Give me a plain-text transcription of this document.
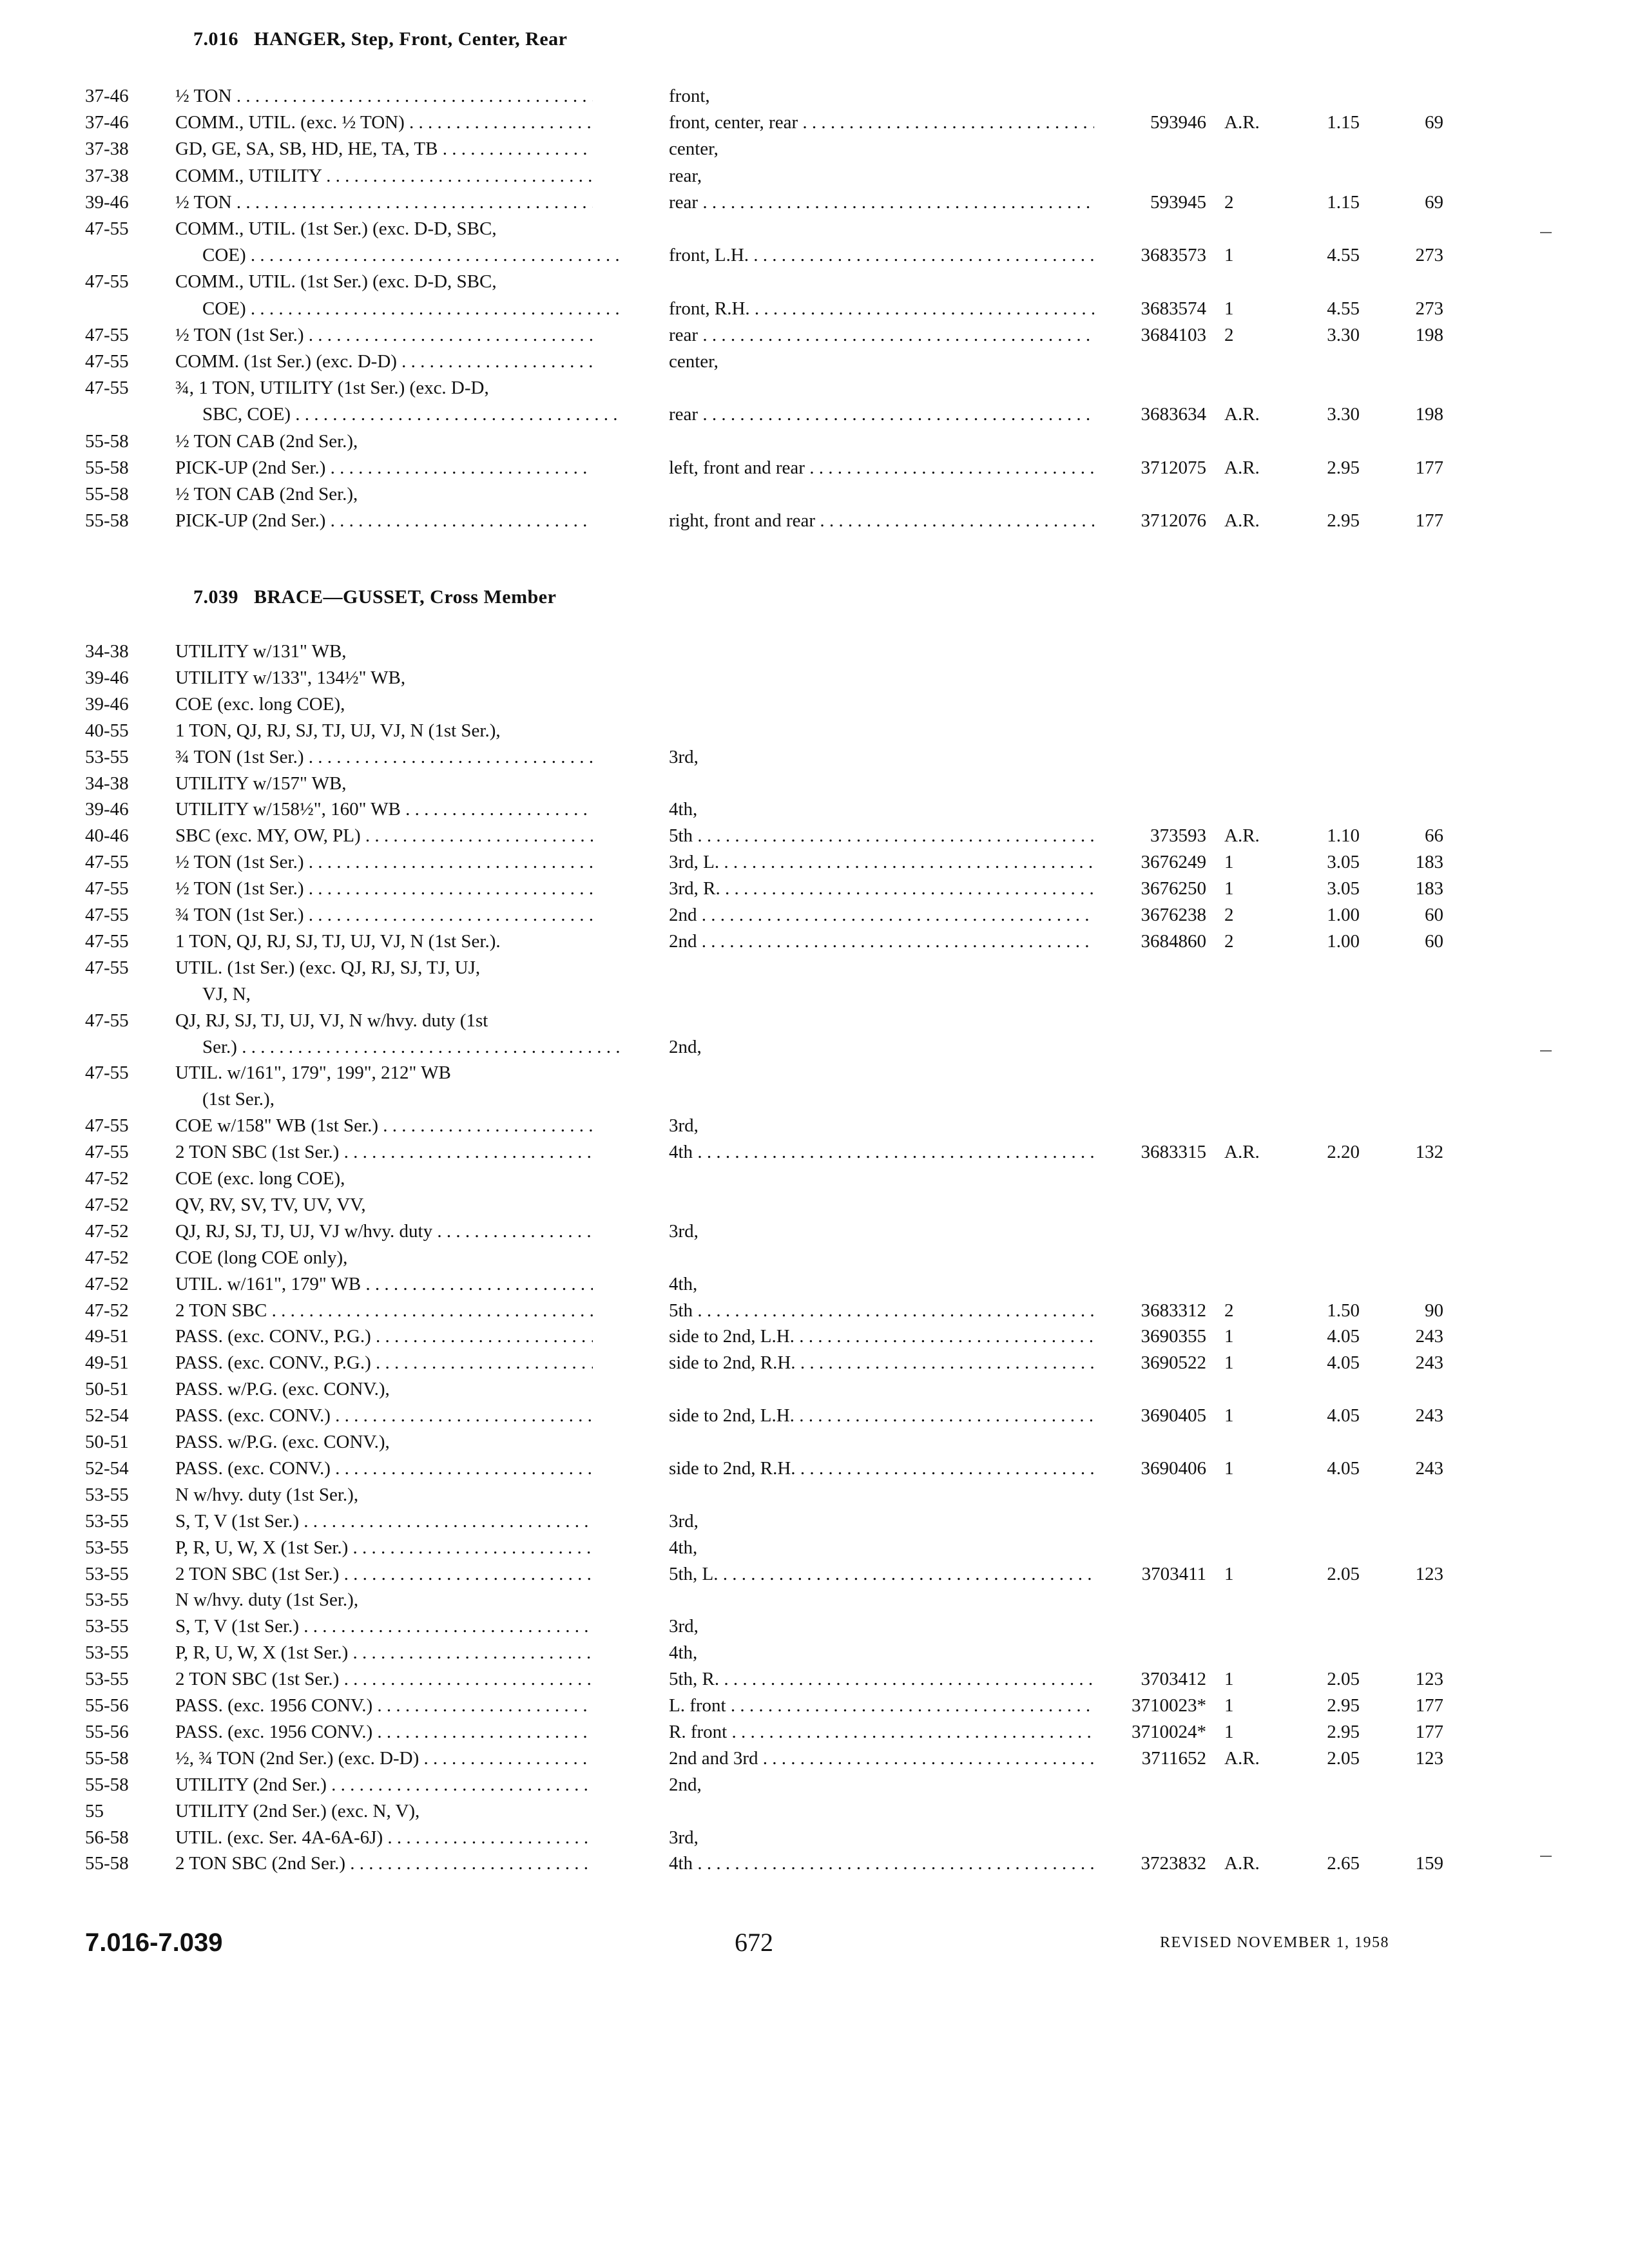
7.016 HANGER, Step, Front, Center, Rear
37-46	½ TON . . .	front,
37-46	COMM., UTIL. (exc. ½ TON) . . .	front, center, rear . . .	593946 A.R.	1.15	69
37-38	GD, GE, SA, SB, HD, HE, TA, TB . . .	center,
37-38	COMM., UTILITY . . .	rear,
39-46	½ TON . . .	rear . . .	593945 2	1.15	69
47-55	COMM., UTIL. (1st Ser.) (exc. D-D, SBC,
COE) . . .	front, L.H. . . .	3683573 1	4.55	273
47-55	COMM., UTIL. (1st Ser.) (exc. D-D, SBC,
COE) . . .	front, R.H. . . .	3683574 1	4.55	273
47-55	½ TON (1st Ser.) . . .	rear . . .	3684103 2	3.30	198
47-55	COMM. (1st Ser.) (exc. D-D) . . .	center,
47-55	¾, 1 TON, UTILITY (1st Ser.) (exc. D-D,
SBC, COE) . . .	rear . . .	3683634 A.R.	3.30	198
55-58	½ TON CAB (2nd Ser.),
55-58	PICK-UP (2nd Ser.) . . .	left, front and rear . . .	3712075 A.R.	2.95	177
55-58	½ TON CAB (2nd Ser.),
55-58	PICK-UP (2nd Ser.) . . .	right, front and rear . . .	3712076 A.R.	2.95	177
7.039 BRACE—GUSSET, Cross Member
34-38	UTILITY w/131" WB,
39-46	UTILITY w/133", 134½" WB,
39-46	COE (exc. long COE),
40-55	1 TON, QJ, RJ, SJ, TJ, UJ, VJ, N (1st Ser.),
53-55	¾ TON (1st Ser.) . . .	3rd,
34-38	UTILITY w/157" WB,
39-46	UTILITY w/158½", 160" WB . . .	4th,
40-46	SBC (exc. MY, OW, PL) . . .	5th . . .	373593 A.R.	1.10	66
47-55	½ TON (1st Ser.) . . .	3rd, L. . . .	3676249 1	3.05	183
47-55	½ TON (1st Ser.) . . .	3rd, R. . . .	3676250 1	3.05	183
47-55	¾ TON (1st Ser.) . . .	2nd . . .	3676238 2	1.00	60
47-55	1 TON, QJ, RJ, SJ, TJ, UJ, VJ, N (1st Ser.).	2nd . . .	3684860 2	1.00	60
47-55	UTIL. (1st Ser.) (exc. QJ, RJ, SJ, TJ, UJ,
VJ, N,
47-55	QJ, RJ, SJ, TJ, UJ, VJ, N w/hvy. duty (1st
Ser.) . . .	2nd,
47-55	UTIL. w/161", 179", 199", 212" WB
(1st Ser.),
47-55	COE w/158" WB (1st Ser.) . . .	3rd,
47-55	2 TON SBC (1st Ser.) . . .	4th . . .	3683315 A.R.	2.20	132
47-52	COE (exc. long COE),
47-52	QV, RV, SV, TV, UV, VV,
47-52	QJ, RJ, SJ, TJ, UJ, VJ w/hvy. duty . . .	3rd,
47-52	COE (long COE only),
47-52	UTIL. w/161", 179" WB . . .	4th,
47-52	2 TON SBC . . .	5th . . .	3683312 2	1.50	90
49-51	PASS. (exc. CONV., P.G.) . . .	side to 2nd, L.H. . . .	3690355 1	4.05	243
49-51	PASS. (exc. CONV., P.G.) . . .	side to 2nd, R.H. . . .	3690522 1	4.05	243
50-51	PASS. w/P.G. (exc. CONV.),
52-54	PASS. (exc. CONV.) . . .	side to 2nd, L.H. . . .	3690405 1	4.05	243
50-51	PASS. w/P.G. (exc. CONV.),
52-54	PASS. (exc. CONV.) . . .	side to 2nd, R.H. . . .	3690406 1	4.05	243
53-55	N w/hvy. duty (1st Ser.),
53-55	S, T, V (1st Ser.) . . .	3rd,
53-55	P, R, U, W, X (1st Ser.) . . .	4th,
53-55	2 TON SBC (1st Ser.) . . .	5th, L. . . .	3703411 1	2.05	123
53-55	N w/hvy. duty (1st Ser.),
53-55	S, T, V (1st Ser.) . . .	3rd,
53-55	P, R, U, W, X (1st Ser.) . . .	4th,
53-55	2 TON SBC (1st Ser.) . . .	5th, R. . . .	3703412 1	2.05	123
55-56	PASS. (exc. 1956 CONV.) . . .	L. front . . .	3710023* 1	2.95	177
55-56	PASS. (exc. 1956 CONV.) . . .	R. front . . .	3710024* 1	2.95	177
55-58	½, ¾ TON (2nd Ser.) (exc. D-D) . . .	2nd and 3rd . . .	3711652 A.R.	2.05	123
55-58	UTILITY (2nd Ser.) . . .	2nd,
55	UTILITY (2nd Ser.) (exc. N, V),
56-58	UTIL. (exc. Ser. 4A-6A-6J) . . .	3rd,
55-58	2 TON SBC (2nd Ser.) . . .	4th . . .	3723832 A.R.	2.65	159
7.016-7.039	672	REVISED NOVEMBER 1, 1958
